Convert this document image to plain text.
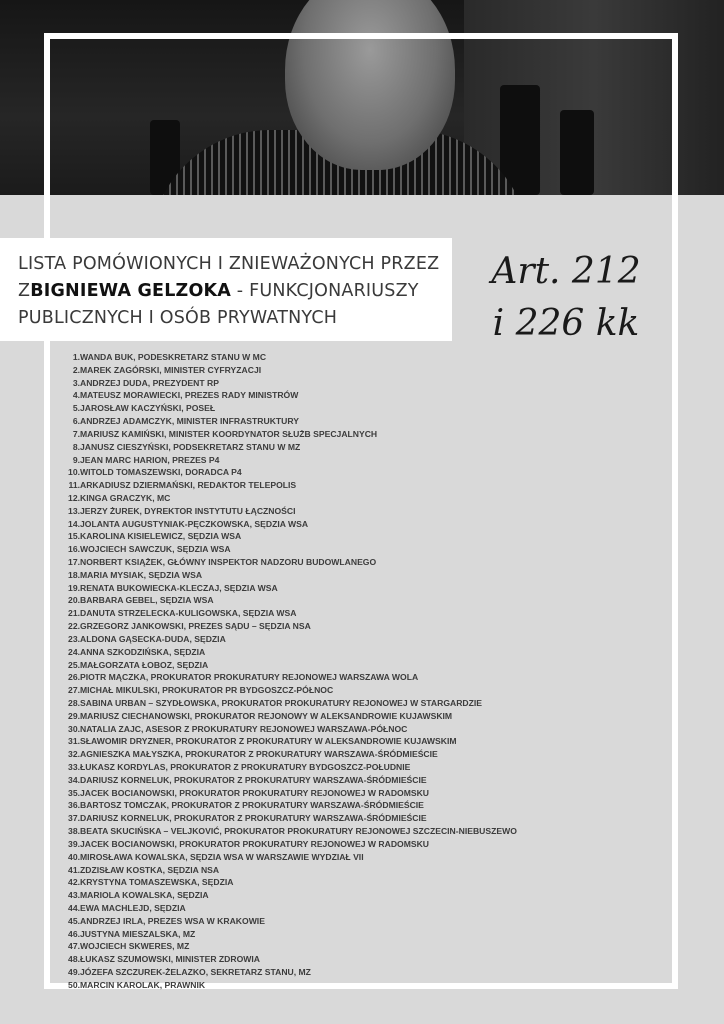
LISTA POMÓWIONYCH I ZNIEWAŻONYCH PRZEZ
ZBIGNIEWA GELZOKA - FUNKCJONARIUSZY
PUBLICZNYCH I OSÓB PRYWATNYCH
Art. 212
i 226 kk
1.WANDA BUK, PODESKRETARZ STANU W MC
2.MAREK ZAGÓRSKI, MINISTER CYFRYZACJI
3.ANDRZEJ DUDA, PREZYDENT RP
4.MATEUSZ MORAWIECKI, PREZES RADY MINISTRÓW
5.JAROSŁAW KACZYŃSKI, POSEŁ
6.ANDRZEJ ADAMCZYK, MINISTER INFRASTRUKTURY
7.MARIUSZ KAMIŃSKI, MINISTER KOORDYNATOR SŁUŻB SPECJALNYCH
8.JANUSZ CIESZYŃSKI, PODSEKRETARZ STANU W MZ
9.JEAN MARC HARION, PREZES P4
10.WITOLD TOMASZEWSKI, DORADCA P4
11.ARKADIUSZ DZIERMAŃSKI, REDAKTOR TELEPOLIS
12.KINGA GRACZYK, MC
13.JERZY ŻUREK, DYREKTOR INSTYTUTU ŁĄCZNOŚCI
14.JOLANTA AUGUSTYNIAK-PĘCZKOWSKA, SĘDZIA WSA
15.KAROLINA KISIELEWICZ, SĘDZIA WSA
16.WOJCIECH SAWCZUK, SĘDZIA WSA
17.NORBERT KSIĄŻEK, GŁÓWNY INSPEKTOR NADZORU BUDOWLANEGO
18.MARIA MYSIAK, SĘDZIA WSA
19.RENATA BUKOWIECKA-KLECZAJ, SĘDZIA WSA
20.BARBARA GEBEL, SĘDZIA WSA
21.DANUTA STRZELECKA-KULIGOWSKA, SĘDZIA WSA
22.GRZEGORZ JANKOWSKI, PREZES SĄDU – SĘDZIA NSA
23.ALDONA GĄSECKA-DUDA, SĘDZIA
24.ANNA SZKODZIŃSKA, SĘDZIA
25.MAŁGORZATA ŁOBOZ, SĘDZIA
26.PIOTR MĄCZKA, PROKURATOR PROKURATURY REJONOWEJ WARSZAWA WOLA
27.MICHAŁ MIKULSKI, PROKURATOR PR BYDGOSZCZ-PÓŁNOC
28.SABINA URBAN – SZYDŁOWSKA, PROKURATOR PROKURATURY REJONOWEJ W STARGARDZIE
29.MARIUSZ CIECHANOWSKI, PROKURATOR REJONOWY W ALEKSANDROWIE KUJAWSKIM
30.NATALIA ZAJC, ASESOR Z PROKURATURY REJONOWEJ WARSZAWA-PÓŁNOC
31.SŁAWOMIR DRYZNER, PROKURATOR Z PROKURATURY W ALEKSANDROWIE KUJAWSKIM
32.AGNIESZKA MAŁYSZKA, PROKURATOR Z PROKURATURY WARSZAWA-ŚRÓDMIEŚCIE
33.ŁUKASZ KORDYLAS, PROKURATOR Z PROKURATURY BYDGOSZCZ-POŁUDNIE
34.DARIUSZ KORNELUK, PROKURATOR Z PROKURATURY WARSZAWA-ŚRÓDMIEŚCIE
35.JACEK BOCIANOWSKI, PROKURATOR PROKURATURY REJONOWEJ W RADOMSKU
36.BARTOSZ TOMCZAK, PROKURATOR Z PROKURATURY WARSZAWA-ŚRÓDMIEŚCIE
37.DARIUSZ KORNELUK, PROKURATOR Z PROKURATURY WARSZAWA-ŚRÓDMIEŚCIE
38.BEATA SKUCIŃSKA – VELJKOVIĆ, PROKURATOR PROKURATURY REJONOWEJ SZCZECIN-NIEBUSZEWO
39.JACEK BOCIANOWSKI, PROKURATOR PROKURATURY REJONOWEJ W RADOMSKU
40.MIROSŁAWA KOWALSKA, SĘDZIA WSA W WARSZAWIE WYDZIAŁ VII
41.ZDZISŁAW KOSTKA, SĘDZIA NSA
42.KRYSTYNA TOMASZEWSKA, SĘDZIA
43.MARIOLA KOWALSKA, SĘDZIA
44.EWA MACHLEJD, SĘDZIA
45.ANDRZEJ IRLA, PREZES WSA W KRAKOWIE
46.JUSTYNA MIESZALSKA, MZ
47.WOJCIECH SKWERES, MZ
48.ŁUKASZ SZUMOWSKI, MINISTER ZDROWIA
49.JÓZEFA SZCZUREK-ŻELAZKO, SEKRETARZ STANU, MZ
50.MARCIN KAROLAK, PRAWNIK
